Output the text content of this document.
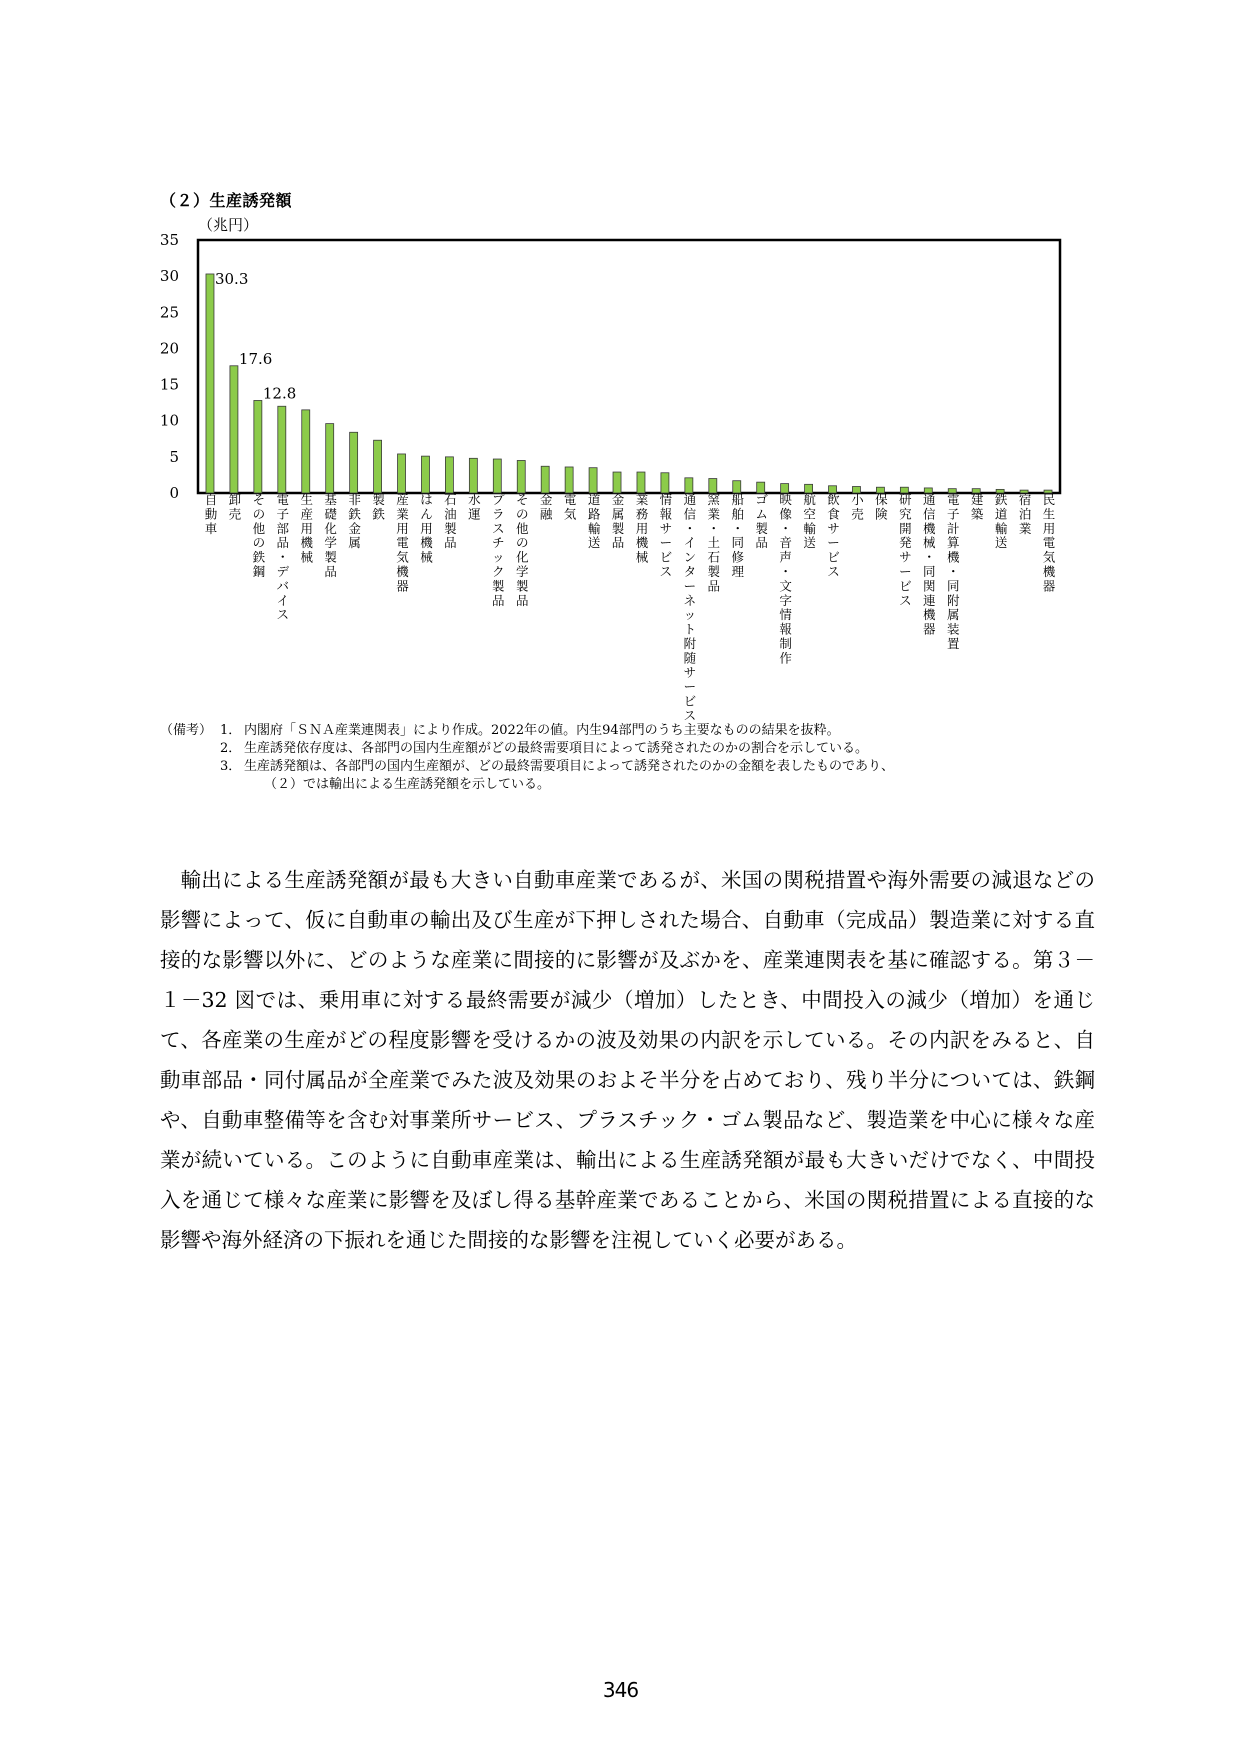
（２）生産誘発額
（兆円）
0
5
10
15
20
25
30
35
自動車
30.3
卸売
17.6
その他の鉄鋼
12.8
電子部品・デバイス
生産用機械
基礎化学製品
非鉄金属
製鉄
産業用電気機器
はん用機械
石油製品
水運
プラスチック製品
その他の化学製品
金融
電気
道路輸送
金属製品
業務用機械
情報サービス
通信・インターネット附随サービス
窯業・土石製品
船舶・同修理
ゴム製品
映像・音声・文字情報制作
航空輸送
飲食サービス
小売
保険
研究開発サービス
通信機械・同関連機器
電子計算機・同附属装置
建築
鉄道輸送
宿泊業
民生用電気機器
（備考） 1． 内閣府「ＳＮＡ産業連関表」により作成。2022年の値。内生94部門のうち主要なものの結果を抜粋。
2． 生産誘発依存度は、各部門の国内生産額がどの最終需要項目によって誘発されたのかの割合を示している。
3． 生産誘発額は、各部門の国内生産額が、どの最終需要項目によって誘発されたのかの金額を表したものであり、
（２）では輸出による生産誘発額を示している。

輸出による生産誘発額が最も大きい自動車産業であるが、米国の関税措置や海外需要の減退などの影響によって、仮に自動車の輸出及び生産が下押しされた場合、自動車（完成品）製造業に対する直接的な影響以外に、どのような産業に間接的に影響が及ぶかを、産業連関表を基に確認する。第３－１－32 図では、乗用車に対する最終需要が減少（増加）したとき、中間投入の減少（増加）を通じて、各産業の生産がどの程度影響を受けるかの波及効果の内訳を示している。その内訳をみると、自動車部品・同付属品が全産業でみた波及効果のおよそ半分を占めており、残り半分については、鉄鋼や、自動車整備等を含む対事業所サービス、プラスチック・ゴム製品など、製造業を中心に様々な産業が続いている。このように自動車産業は、輸出による生産誘発額が最も大きいだけでなく、中間投入を通じて様々な産業に影響を及ぼし得る基幹産業であることから、米国の関税措置による直接的な影響や海外経済の下振れを通じた間接的な影響を注視していく必要がある。

346
